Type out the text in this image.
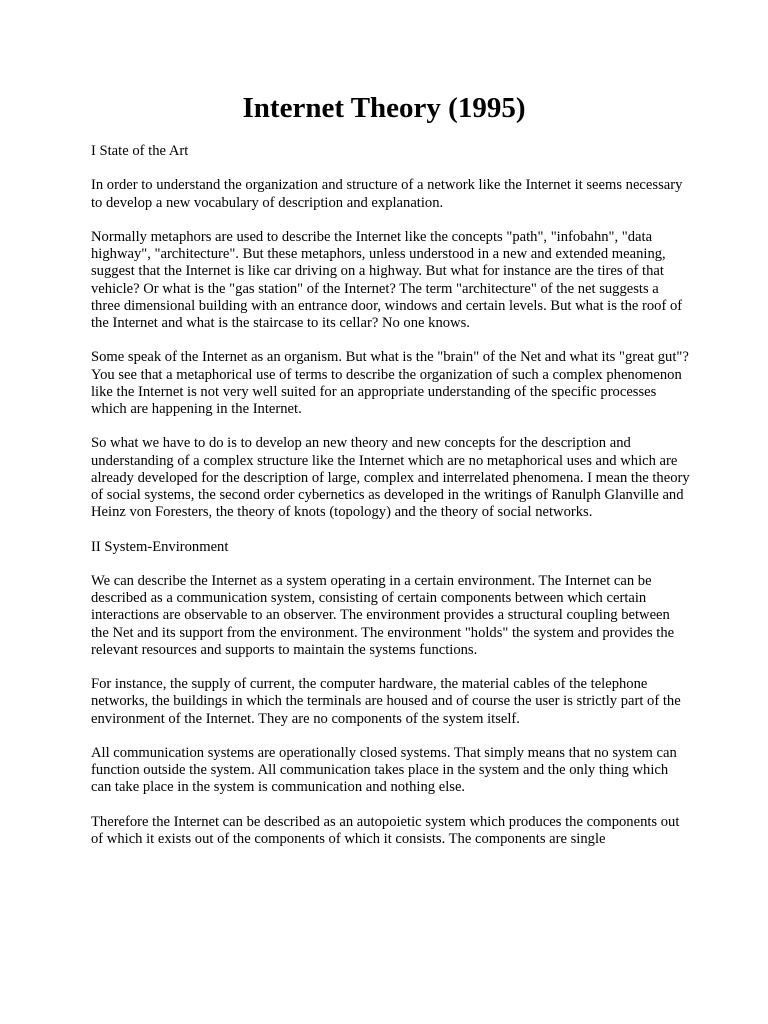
Internet Theory (1995)

I State of the Art

In order to understand the organization and structure of a network like the Internet it seems necessary to develop a new vocabulary of description and explanation.

Normally metaphors are used to describe the Internet like the concepts "path", "infobahn", "data highway", "architecture". But these metaphors, unless understood in a new and extended meaning, suggest that the Internet is like car driving on a highway. But what for instance are the tires of that vehicle? Or what is the "gas station" of the Internet? The term "architecture" of the net suggests a three dimensional building with an entrance door, windows and certain levels. But what is the roof of the Internet and what is the staircase to its cellar? No one knows.

Some speak of the Internet as an organism. But what is the "brain" of the Net and what its "great gut"? You see that a metaphorical use of terms to describe the organization of such a complex phenomenon like the Internet is not very well suited for an appropriate understanding of the specific processes which are happening in the Internet.

So what we have to do is to develop an new theory and new concepts for the description and understanding of a complex structure like the Internet which are no metaphorical uses and which are already developed for the description of large, complex and interrelated phenomena. I mean the theory of social systems, the second order cybernetics as developed in the writings of Ranulph Glanville and Heinz von Foresters, the theory of knots (topology) and the theory of social networks.

II System-Environment

We can describe the Internet as a system operating in a certain environment. The Internet can be described as a communication system, consisting of certain components between which certain interactions are observable to an observer. The environment provides a structural coupling between the Net and its support from the environment. The environment "holds" the system and provides the relevant resources and supports to maintain the systems functions.

For instance, the supply of current, the computer hardware, the material cables of the telephone networks, the buildings in which the terminals are housed and of course the user is strictly part of the environment of the Internet. They are no components of the system itself.

All communication systems are operationally closed systems. That simply means that no system can function outside the system. All communication takes place in the system and the only thing which can take place in the system is communication and nothing else.

Therefore the Internet can be described as an autopoietic system which produces the components out of which it exists out of the components of which it consists. The components are single
